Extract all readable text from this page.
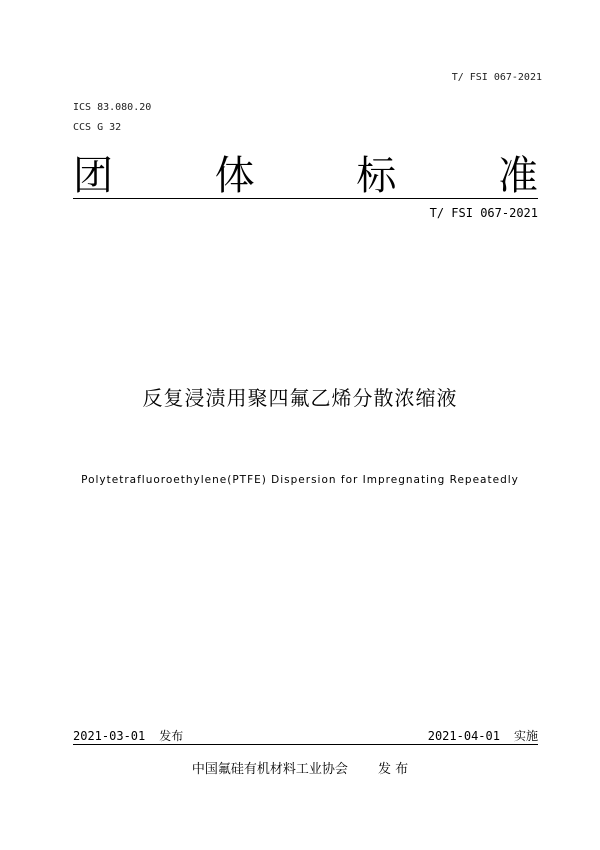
T/ FSI 067-2021
ICS 83.080.20
CCS G 32
团	体	标	准
T/ FSI 067-2021
反复浸渍用聚四氟乙烯分散浓缩液
Polytetrafluoroethylene(PTFE) Dispersion for Impregnating Repeatedly
2021-03-01 发布	2021-04-01 实施
中国氟硅有机材料工业协会 发 布
